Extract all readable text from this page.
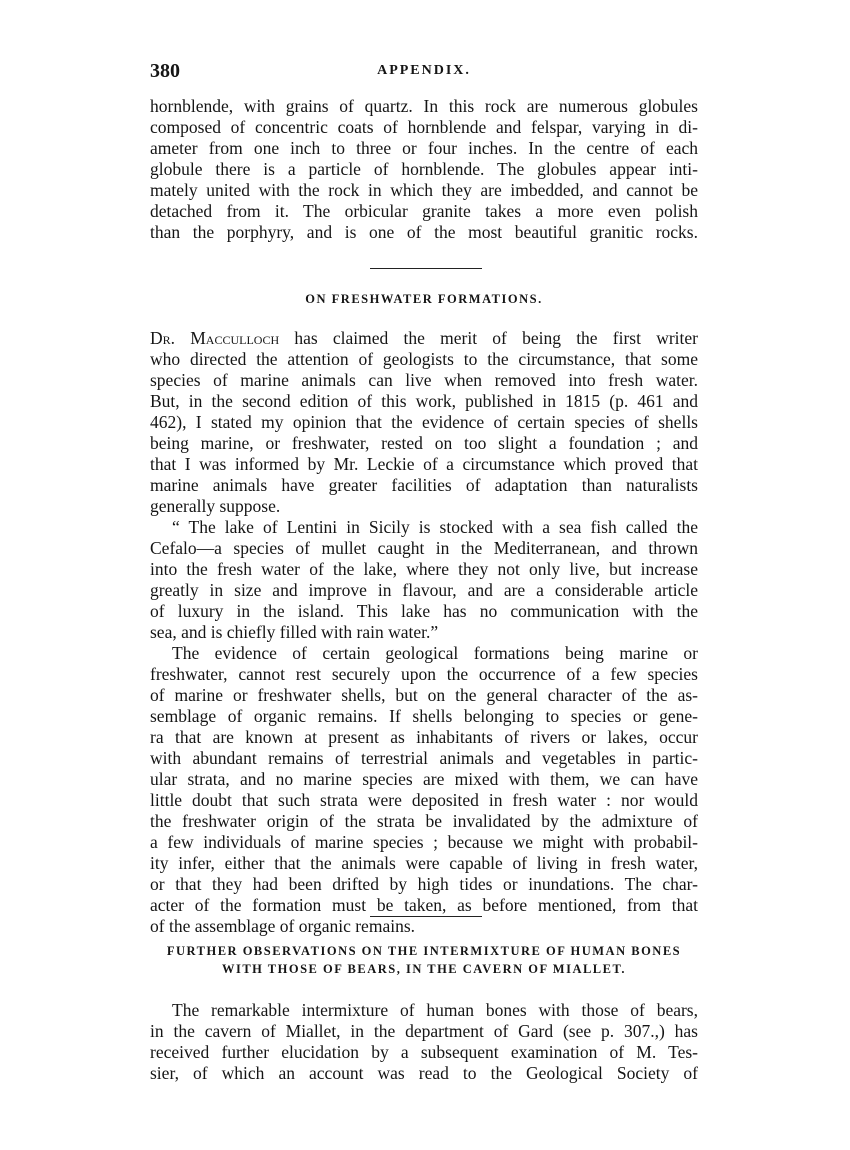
380	APPENDIX.
hornblende, with grains of quartz. In this rock are numerous globules
composed of concentric coats of hornblende and felspar, varying in di-
ameter from one inch to three or four inches. In the centre of each
globule there is a particle of hornblende. The globules appear inti-
mately united with the rock in which they are imbedded, and cannot be
detached from it. The orbicular granite takes a more even polish
than the porphyry, and is one of the most beautiful granitic rocks.
ON FRESHWATER FORMATIONS.
Dr. Macculloch has claimed the merit of being the first writer
who directed the attention of geologists to the circumstance, that some
species of marine animals can live when removed into fresh water.
But, in the second edition of this work, published in 1815 (p. 461 and
462), I stated my opinion that the evidence of certain species of shells
being marine, or freshwater, rested on too slight a foundation ; and
that I was informed by Mr. Leckie of a circumstance which proved that
marine animals have greater facilities of adaptation than naturalists
generally suppose.
“ The lake of Lentini in Sicily is stocked with a sea fish called the
Cefalo—a species of mullet caught in the Mediterranean, and thrown
into the fresh water of the lake, where they not only live, but increase
greatly in size and improve in flavour, and are a considerable article
of luxury in the island. This lake has no communication with the
sea, and is chiefly filled with rain water.”
The evidence of certain geological formations being marine or
freshwater, cannot rest securely upon the occurrence of a few species
of marine or freshwater shells, but on the general character of the as-
semblage of organic remains. If shells belonging to species or gene-
ra that are known at present as inhabitants of rivers or lakes, occur
with abundant remains of terrestrial animals and vegetables in partic-
ular strata, and no marine species are mixed with them, we can have
little doubt that such strata were deposited in fresh water : nor would
the freshwater origin of the strata be invalidated by the admixture of
a few individuals of marine species ; because we might with probabil-
ity infer, either that the animals were capable of living in fresh water,
or that they had been drifted by high tides or inundations. The char-
acter of the formation must be taken, as before mentioned, from that
of the assemblage of organic remains.
FURTHER OBSERVATIONS ON THE INTERMIXTURE OF HUMAN BONES
WITH THOSE OF BEARS, IN THE CAVERN OF MIALLET.
The remarkable intermixture of human bones with those of bears,
in the cavern of Miallet, in the department of Gard (see p. 307.,) has
received further elucidation by a subsequent examination of M. Tes-
sier, of which an account was read to the Geological Society of
